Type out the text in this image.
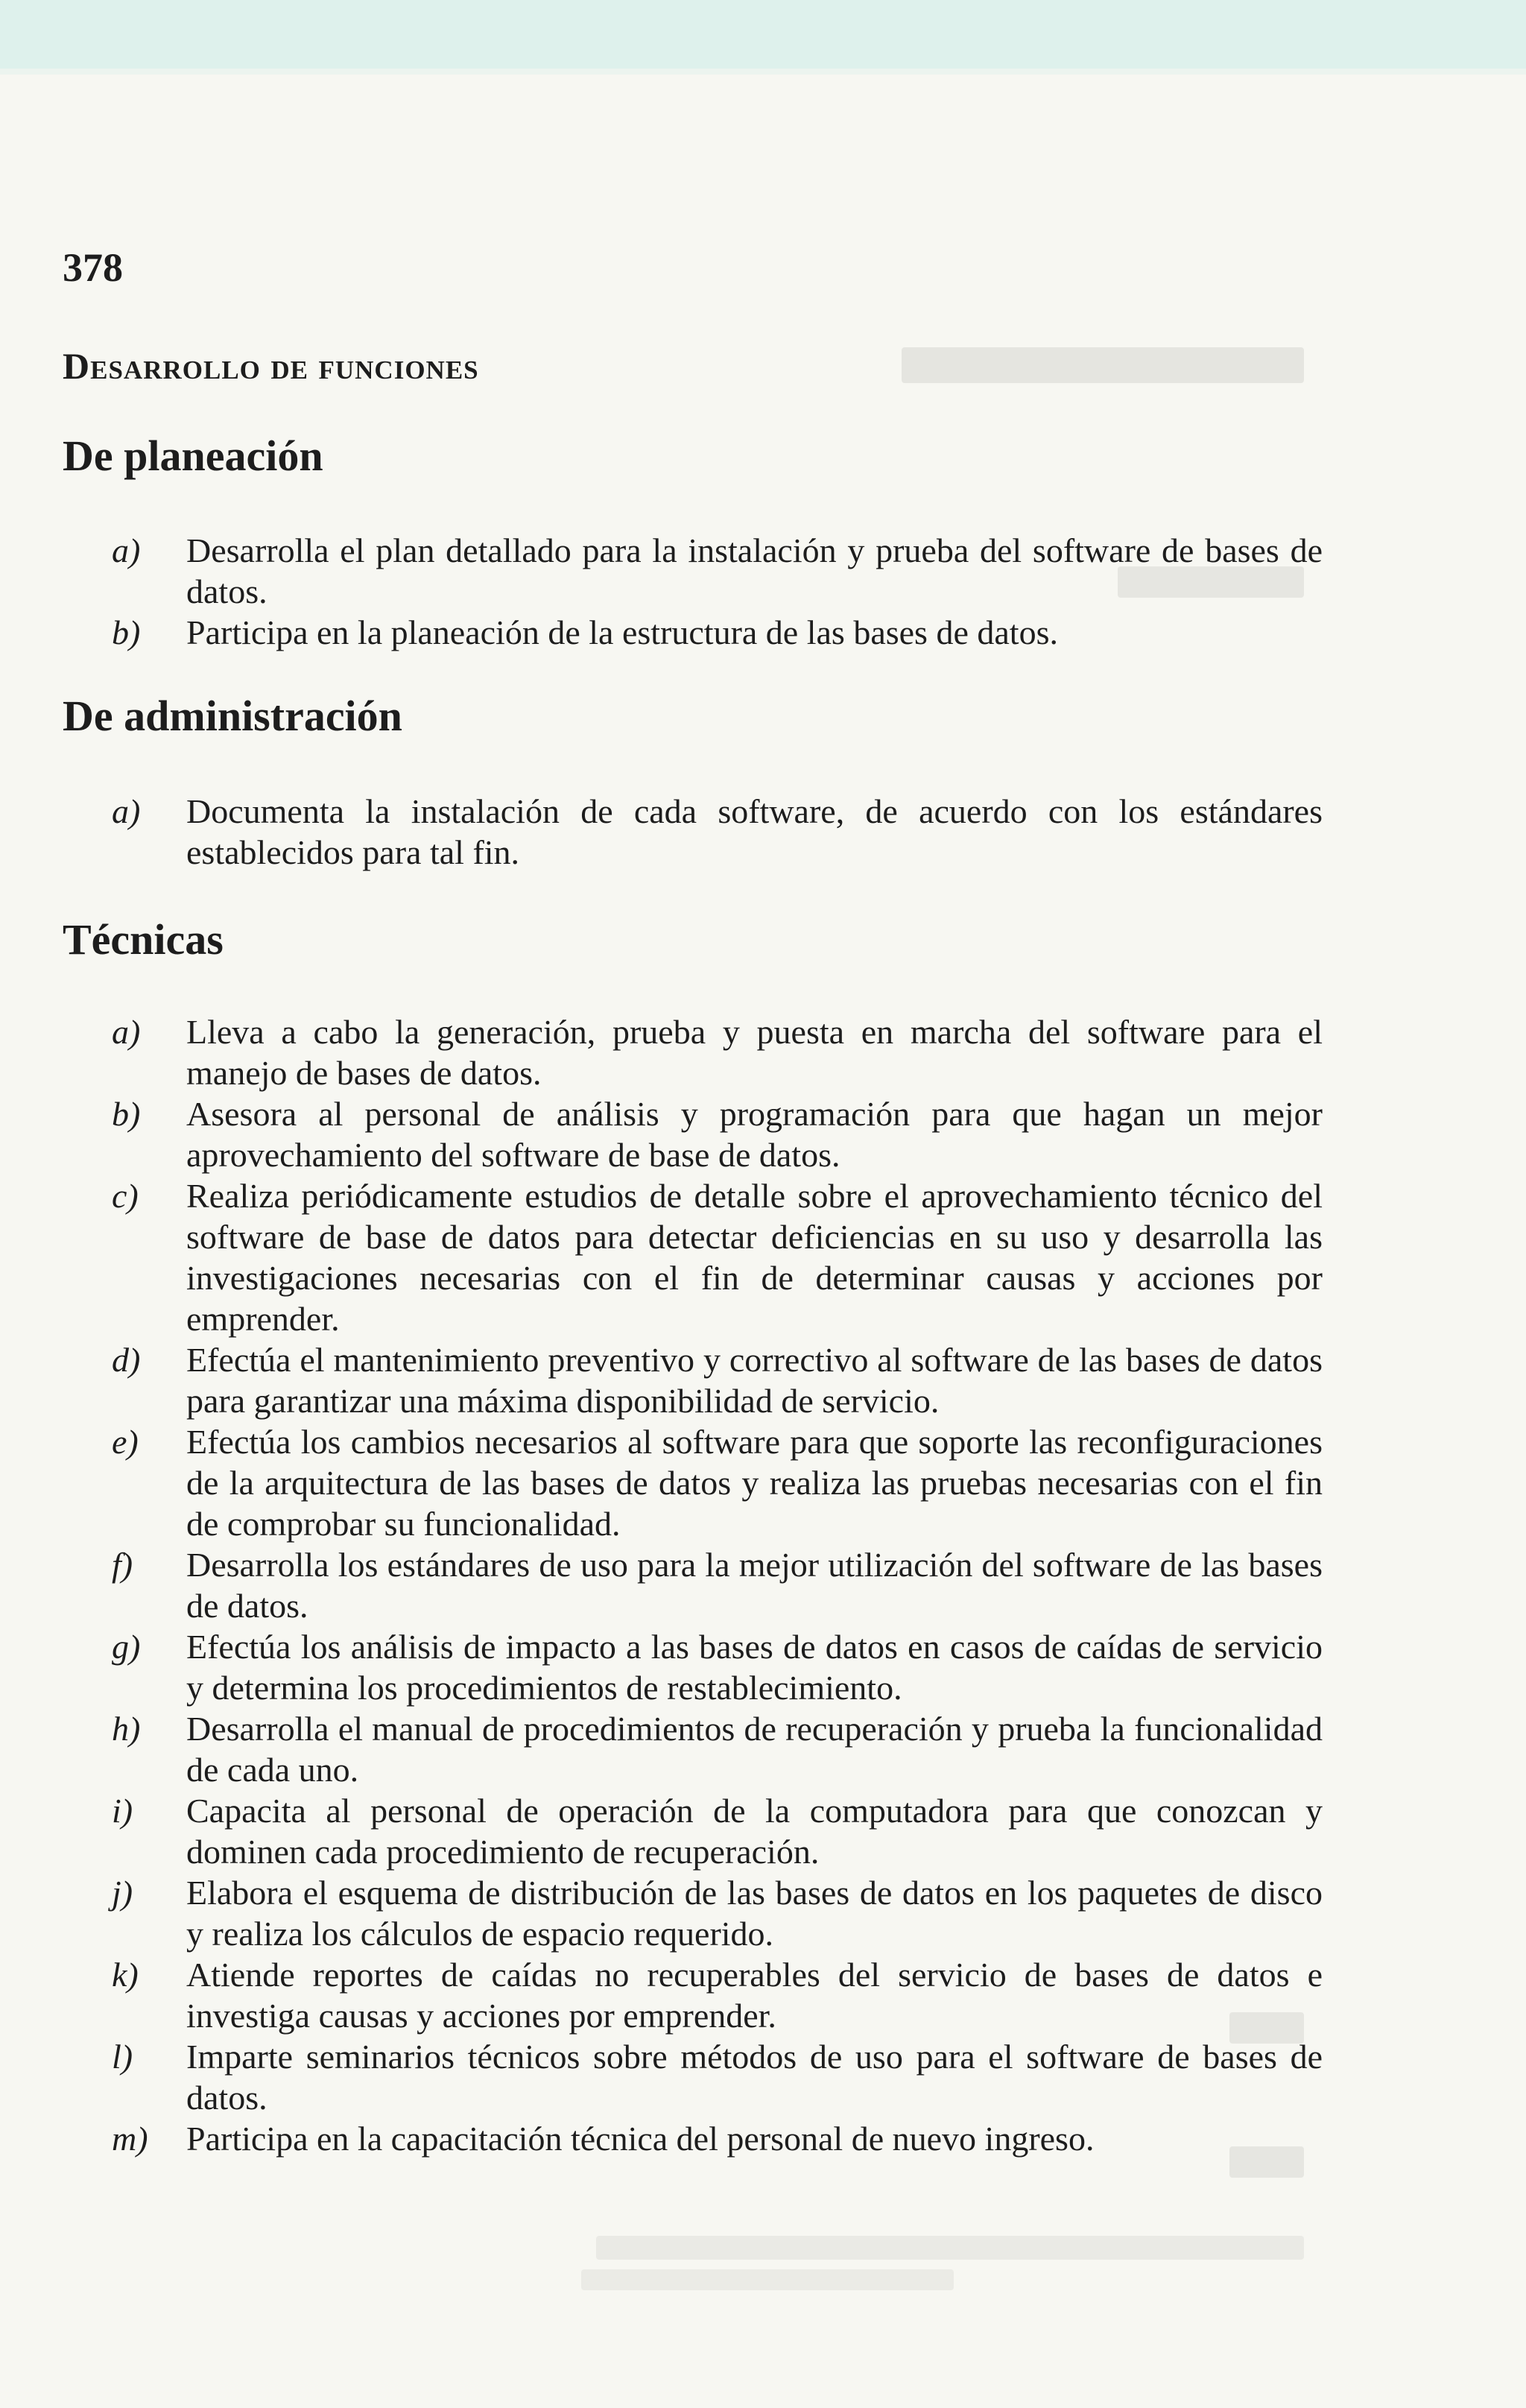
378
Desarrollo de funciones
De planeación
a)	Desarrolla el plan detallado para la instalación y prueba del software de bases de datos.
b)	Participa en la planeación de la estructura de las bases de datos.
De administración
a)	Documenta la instalación de cada software, de acuerdo con los estándares establecidos para tal fin.
Técnicas
a)	Lleva a cabo la generación, prueba y puesta en marcha del software para el manejo de bases de datos.
b)	Asesora al personal de análisis y programación para que hagan un mejor aprovechamiento del software de base de datos.
c)	Realiza periódicamente estudios de detalle sobre el aprovechamiento técnico del software de base de datos para detectar deficiencias en su uso y desarrolla las investigaciones necesarias con el fin de determinar causas y acciones por emprender.
d)	Efectúa el mantenimiento preventivo y correctivo al software de las bases de datos para garantizar una máxima disponibilidad de servicio.
e)	Efectúa los cambios necesarios al software para que soporte las reconfiguraciones de la arquitectura de las bases de datos y realiza las pruebas necesarias con el fin de comprobar su funcionalidad.
f)	Desarrolla los estándares de uso para la mejor utilización del software de las bases de datos.
g)	Efectúa los análisis de impacto a las bases de datos en casos de caídas de servicio y determina los procedimientos de restablecimiento.
h)	Desarrolla el manual de procedimientos de recuperación y prueba la funcionalidad de cada uno.
i)	Capacita al personal de operación de la computadora para que conozcan y dominen cada procedimiento de recuperación.
j)	Elabora el esquema de distribución de las bases de datos en los paquetes de disco y realiza los cálculos de espacio requerido.
k)	Atiende reportes de caídas no recuperables del servicio de bases de datos e investiga causas y acciones por emprender.
l)	Imparte seminarios técnicos sobre métodos de uso para el software de bases de datos.
m)	Participa en la capacitación técnica del personal de nuevo ingreso.
